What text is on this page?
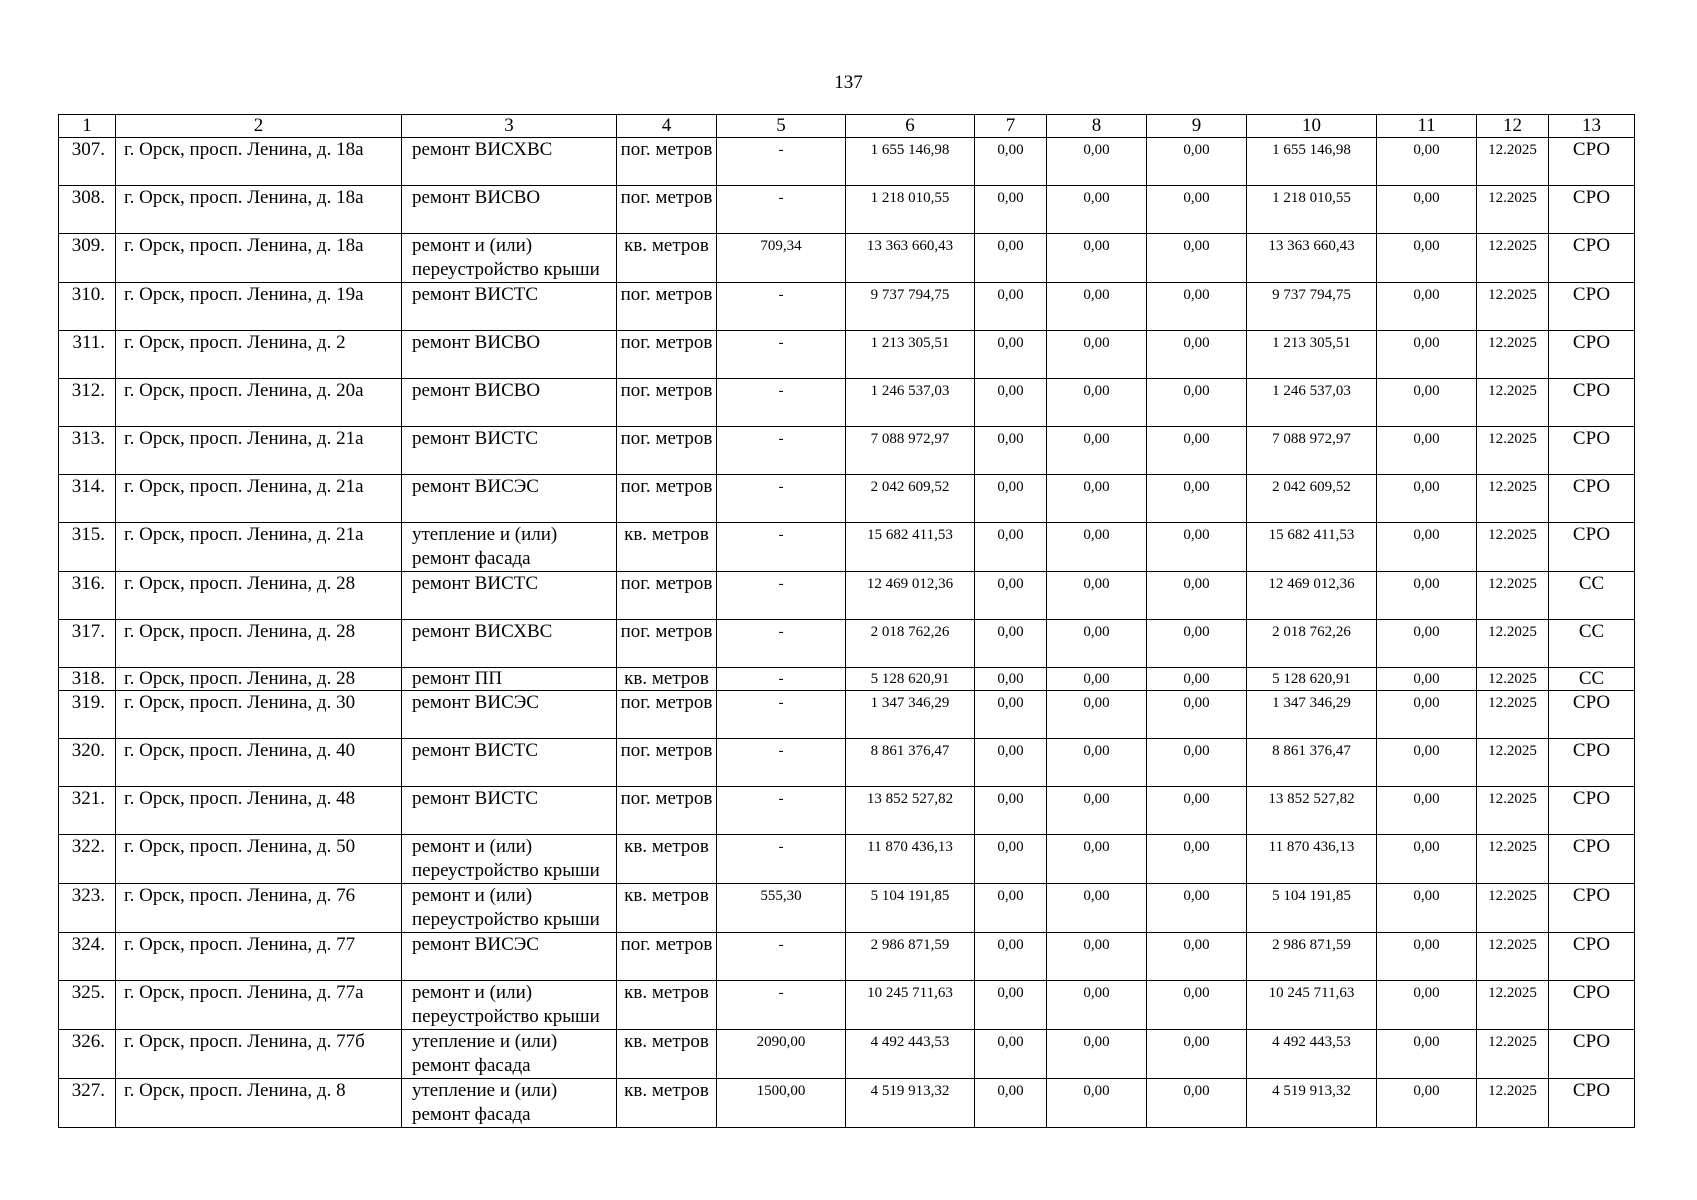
137
1	2	3	4	5	6	7	8	9	10	11	12	13
307.	г. Орск, просп. Ленина, д. 18а	ремонт ВИСХВС	пог. метров	-	1 655 146,98	0,00	0,00	0,00	1 655 146,98	0,00	12.2025	СРО
308.	г. Орск, просп. Ленина, д. 18а	ремонт ВИСВО	пог. метров	-	1 218 010,55	0,00	0,00	0,00	1 218 010,55	0,00	12.2025	СРО
309.	г. Орск, просп. Ленина, д. 18а	ремонт и (или) переустройство крыши	кв. метров	709,34	13 363 660,43	0,00	0,00	0,00	13 363 660,43	0,00	12.2025	СРО
310.	г. Орск, просп. Ленина, д. 19а	ремонт ВИСТС	пог. метров	-	9 737 794,75	0,00	0,00	0,00	9 737 794,75	0,00	12.2025	СРО
311.	г. Орск, просп. Ленина, д. 2	ремонт ВИСВО	пог. метров	-	1 213 305,51	0,00	0,00	0,00	1 213 305,51	0,00	12.2025	СРО
312.	г. Орск, просп. Ленина, д. 20а	ремонт ВИСВО	пог. метров	-	1 246 537,03	0,00	0,00	0,00	1 246 537,03	0,00	12.2025	СРО
313.	г. Орск, просп. Ленина, д. 21а	ремонт ВИСТС	пог. метров	-	7 088 972,97	0,00	0,00	0,00	7 088 972,97	0,00	12.2025	СРО
314.	г. Орск, просп. Ленина, д. 21а	ремонт ВИСЭС	пог. метров	-	2 042 609,52	0,00	0,00	0,00	2 042 609,52	0,00	12.2025	СРО
315.	г. Орск, просп. Ленина, д. 21а	утепление и (или) ремонт фасада	кв. метров	-	15 682 411,53	0,00	0,00	0,00	15 682 411,53	0,00	12.2025	СРО
316.	г. Орск, просп. Ленина, д. 28	ремонт ВИСТС	пог. метров	-	12 469 012,36	0,00	0,00	0,00	12 469 012,36	0,00	12.2025	СС
317.	г. Орск, просп. Ленина, д. 28	ремонт ВИСХВС	пог. метров	-	2 018 762,26	0,00	0,00	0,00	2 018 762,26	0,00	12.2025	СС
318.	г. Орск, просп. Ленина, д. 28	ремонт ПП	кв. метров	-	5 128 620,91	0,00	0,00	0,00	5 128 620,91	0,00	12.2025	СС
319.	г. Орск, просп. Ленина, д. 30	ремонт ВИСЭС	пог. метров	-	1 347 346,29	0,00	0,00	0,00	1 347 346,29	0,00	12.2025	СРО
320.	г. Орск, просп. Ленина, д. 40	ремонт ВИСТС	пог. метров	-	8 861 376,47	0,00	0,00	0,00	8 861 376,47	0,00	12.2025	СРО
321.	г. Орск, просп. Ленина, д. 48	ремонт ВИСТС	пог. метров	-	13 852 527,82	0,00	0,00	0,00	13 852 527,82	0,00	12.2025	СРО
322.	г. Орск, просп. Ленина, д. 50	ремонт и (или) переустройство крыши	кв. метров	-	11 870 436,13	0,00	0,00	0,00	11 870 436,13	0,00	12.2025	СРО
323.	г. Орск, просп. Ленина, д. 76	ремонт и (или) переустройство крыши	кв. метров	555,30	5 104 191,85	0,00	0,00	0,00	5 104 191,85	0,00	12.2025	СРО
324.	г. Орск, просп. Ленина, д. 77	ремонт ВИСЭС	пог. метров	-	2 986 871,59	0,00	0,00	0,00	2 986 871,59	0,00	12.2025	СРО
325.	г. Орск, просп. Ленина, д. 77а	ремонт и (или) переустройство крыши	кв. метров	-	10 245 711,63	0,00	0,00	0,00	10 245 711,63	0,00	12.2025	СРО
326.	г. Орск, просп. Ленина, д. 77б	утепление и (или) ремонт фасада	кв. метров	2090,00	4 492 443,53	0,00	0,00	0,00	4 492 443,53	0,00	12.2025	СРО
327.	г. Орск, просп. Ленина, д. 8	утепление и (или) ремонт фасада	кв. метров	1500,00	4 519 913,32	0,00	0,00	0,00	4 519 913,32	0,00	12.2025	СРО
